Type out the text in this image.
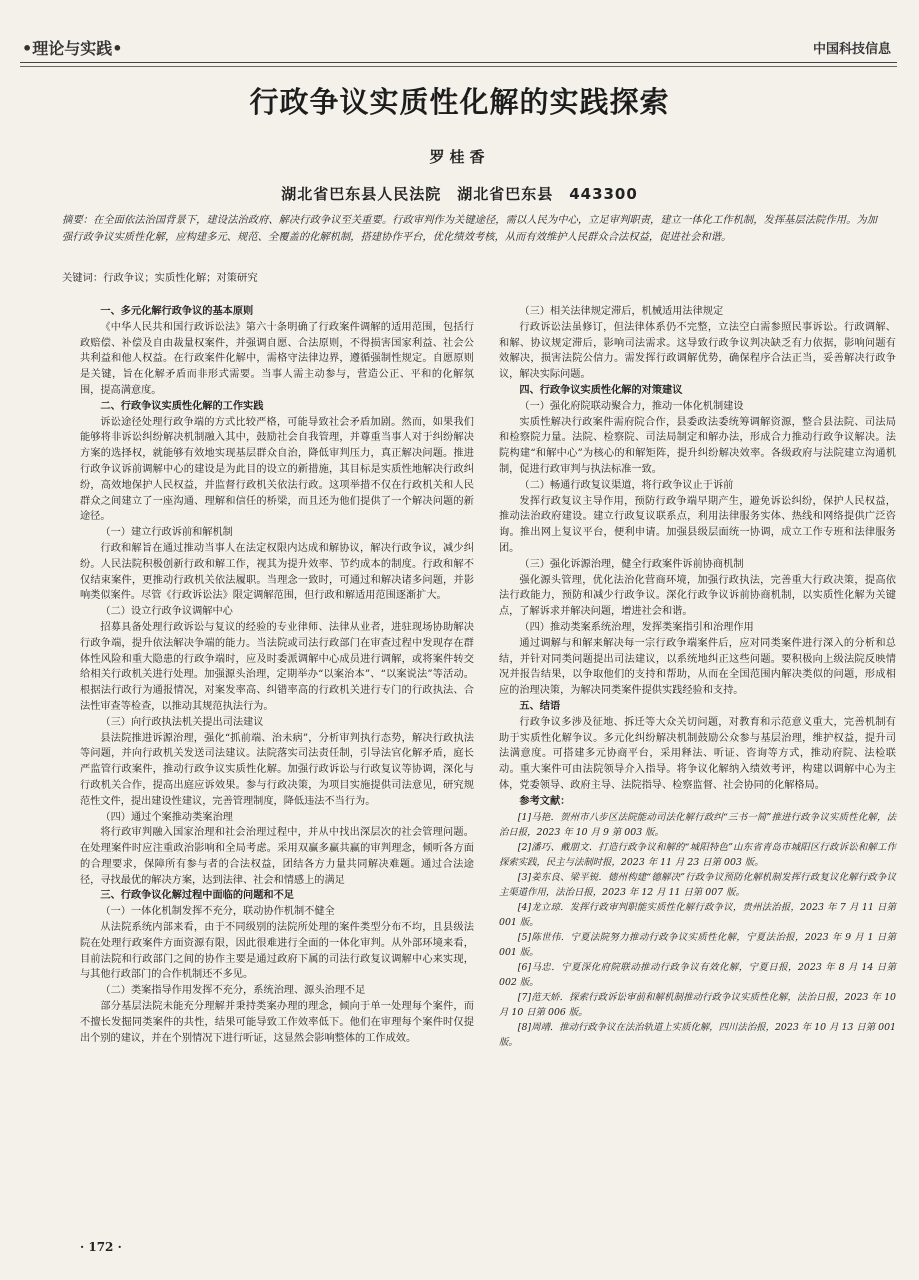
•理论与实践•	中国科技信息
行政争议实质性化解的实践探索
罗桂香
湖北省巴东县人民法院　湖北省巴东县　443300
摘要：在全面依法治国背景下，建设法治政府、解决行政争议至关重要。行政审判作为关键途径，需以人民为中心，立足审判职责，建立一体化工作机制，发挥基层法院作用。为加强行政争议实质性化解，应构建多元、规范、全覆盖的化解机制，搭建协作平台，优化绩效考核，从而有效维护人民群众合法权益，促进社会和谐。
关键词：行政争议；实质性化解；对策研究
一、多元化解行政争议的基本原则

《中华人民共和国行政诉讼法》第六十条明确了行政案件调解的适用范围，包括行政赔偿、补偿及自由裁量权案件，并强调自愿、合法原则，不得损害国家利益、社会公共利益和他人权益。在行政案件化解中，需格守法律边界，遵循强制性规定。自愿原则是关键，旨在化解矛盾而非形式需要。当事人需主动参与，营造公正、平和的化解氛围，提高满意度。

二、行政争议实质性化解的工作实践

诉讼途径处理行政争端的方式比较严格，可能导致社会矛盾加剧。然而，如果我们能够将非诉讼纠纷解决机制融入其中，鼓励社会自我管理，并尊重当事人对于纠纷解决方案的选择权，就能够有效地实现基层群众自治，降低审判压力，真正解决问题。推进行政争议诉前调解中心的建设是为此目的设立的新措施，其目标是实质性地解决行政纠纷，高效地保护人民权益，并监督行政机关依法行政。这项举措不仅在行政机关和人民群众之间建立了一座沟通、理解和信任的桥梁，而且还为他们提供了一个解决问题的新途径。

（一）建立行政诉前和解机制

行政和解旨在通过推动当事人在法定权限内达成和解协议，解决行政争议，减少纠纷。人民法院积极创新行政和解工作，视其为提升效率、节约成本的制度。行政和解不仅结束案件，更推动行政机关依法履职。当理念一致时，可通过和解决诸多问题，并影响类似案件。尽管《行政诉讼法》限定调解范围，但行政和解适用范围逐渐扩大。

（二）设立行政争议调解中心

招募具备处理行政诉讼与复议的经验的专业律师、法律从业者，进驻现场协助解决行政争端，提升依法解决争端的能力。当法院或司法行政部门在审查过程中发现存在群体性风险和重大隐患的行政争端时，应及时委派调解中心成员进行调解，或将案件转交给相关行政机关进行处理。加强源头治理，定期举办“以案治本”、“以案说法”等活动。根据法行政行为通报情况，对案发率高、纠错率高的行政机关进行专门的行政执法、合法性审查等检查，以推动其规范执法行为。

（三）向行政执法机关提出司法建议

县法院推进诉源治理，强化“抓前端、治未病”，分析审判执行态势，解决行政执法等问题，并向行政机关发送司法建议。法院落实司法责任制，引导法官化解矛盾，庭长严监管行政案件，推动行政争议实质性化解。加强行政诉讼与行政复议等协调，深化与行政机关合作，提高出庭应诉效果。参与行政决策，为项目实施提供司法意见，研究规范性文件，提出建设性建议，完善管理制度，降低违法不当行为。

（四）通过个案推动类案治理

将行政审判融入国家治理和社会治理过程中，并从中找出深层次的社会管理问题。在处理案件时应注重政治影响和全局考虑。采用双赢多赢共赢的审判理念，倾听各方面的合理要求，保障所有参与者的合法权益，团结各方力量共同解决难题。通过合法途径，寻找最优的解决方案，达到法律、社会和情感上的满足

三、行政争议化解过程中面临的问题和不足
（一）一体化机制发挥不充分，联动协作机制不健全

从法院系统内部来看，由于不同级别的法院所处理的案件类型分布不均，且县级法院在处理行政案件方面资源有限，因此很难进行全面的一体化审判。从外部环境来看，目前法院和行政部门之间的协作主要是通过政府下属的司法行政复议调解中心来实现，与其他行政部门的合作机制还不多见。

（二）类案指导作用发挥不充分，系统治理、源头治理不足

部分基层法院未能充分理解并秉持类案办理的理念，倾向于单一处理每个案件，而不擅长发掘同类案件的共性，结果可能导致工作效率低下。他们在审理每个案件时仅提出个别的建议，并在个别情况下进行听证，这显然会影响整体的工作成效。

（三）相关法律规定滞后，机械适用法律规定

行政诉讼法虽修订，但法律体系仍不完整，立法空白需参照民事诉讼。行政调解、和解、协议规定滞后，影响司法需求。这导致行政争议判决缺乏有力依据，影响问题有效解决，损害法院公信力。需发挥行政调解优势，确保程序合法正当，妥善解决行政争议，解决实际问题。

四、行政争议实质性化解的对策建议
（一）强化府院联动聚合力，推动一体化机制建设

实质性解决行政案件需府院合作，县委政法委统筹调解资源，整合县法院、司法局和检察院力量。法院、检察院、司法局制定和解办法，形成合力推动行政争议解决。法院构建“和解中心”为核心的和解矩阵，提升纠纷解决效率。各级政府与法院建立沟通机制，促进行政审判与执法标准一致。

（二）畅通行政复议渠道，将行政争议止于诉前

发挥行政复议主导作用，预防行政争端早期产生，避免诉讼纠纷，保护人民权益，推动法治政府建设。建立行政复议联系点，利用法律服务实体、热线和网络提供广泛咨询。推出网上复议平台，便利申请。加强县级层面统一协调，成立工作专班和法律服务团。

（三）强化诉源治理，健全行政案件诉前协商机制

强化源头管理，优化法治化营商环境，加强行政执法，完善重大行政决策，提高依法行政能力，预防和减少行政争议。深化行政争议诉前协商机制，以实质性化解为关键点，了解诉求并解决问题，增进社会和谐。

（四）推动类案系统治理，发挥类案指引和治理作用

通过调解与和解来解决每一宗行政争端案件后，应对同类案件进行深入的分析和总结，并针对同类问题提出司法建议，以系统地纠正这些问题。要积极向上级法院反映情况并报告结果，以争取他们的支持和帮助，从而在全国范围内解决类似的问题，形成相应的治理决策，为解决同类案件提供实践经验和支持。

五、结语

行政争议多涉及征地、拆迁等大众关切问题，对教育和示范意义重大，完善机制有助于实质性化解争议。多元化纠纷解决机制鼓励公众参与基层治理，维护权益，提升司法满意度。可搭建多元协商平台，采用释法、听证、咨询等方式，推动府院、法检联动。重大案件可由法院领导介入指导。将争议化解纳入绩效考评，构建以调解中心为主体，党委领导、政府主导、法院指导、检察监督、社会协同的化解格局。

参考文献：

[1]马艳．贺州市八步区法院能动司法化解行政纠“三书一简”推进行政争议实质性化解，法治日报，2023 年 10 月 9 第 003 版。

[2]潘巧、戴朋文．打造行政争议和解的“城阳特色”山东省青岛市城阳区行政诉讼和解工作探索实践，民主与法制时报，2023 年 11 月 23 日第 003 版。

[3]姜东良、梁平锐．德州构建“德解决”行政争议预防化解机制发挥行政复议化解行政争议主渠道作用，法治日报，2023 年 12 月 11 日第 007 版。

[4]龙立琼．发挥行政审判职能实质性化解行政争议，贵州法治报，2023 年 7 月 11 日第 001 版。

[5]陈世伟．宁夏法院努力推动行政争议实质性化解，宁夏法治报，2023 年 9 月 1 日第 001 版。

[6]马忠．宁夏深化府院联动推动行政争议有效化解，宁夏日报，2023 年 8 月 14 日第 002 版。

[7]范天娇．探索行政诉讼审前和解机制推动行政争议实质性化解，法治日报，2023 年 10 月 10 日第 006 版。

[8]周靖．推动行政争议在法治轨道上实质化解，四川法治报，2023 年 10 月 13 日第 001 版。

· 172 ·
